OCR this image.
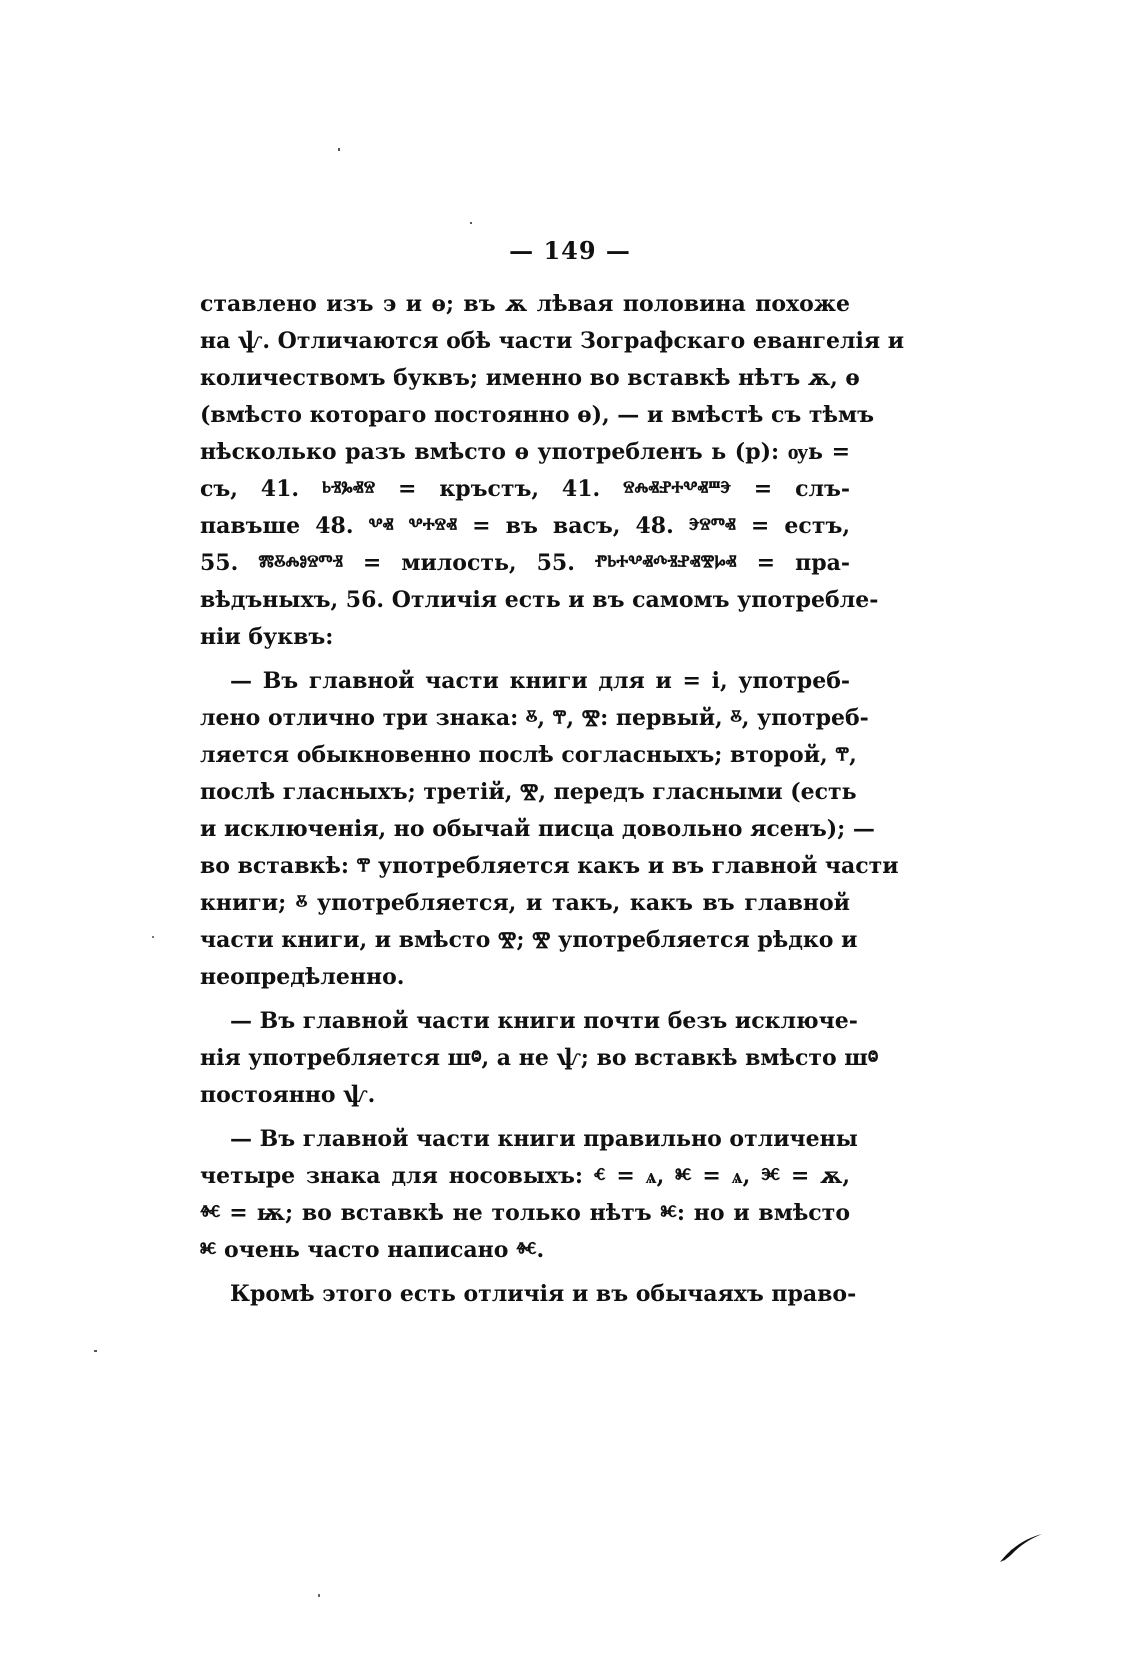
— 149 —
ставлено изъ э и ѳ; въ ѫ лѣвая половина похоже
на ѱ. Отличаются обѣ части Зографскаго евангелія и
количествомъ буквъ; именно во вставкѣ нѣтъ ѫ, ѳ
(вмѣсто котораго постоянно ѳ), — и вмѣстѣ съ тѣмъ
нѣсколько разъ вмѣсто ѳ употребленъ ь (р): ѹь =
съ, 41. ⱃⱐⰳⱏⱄ = кръстъ, 41. ⱄⰾⱏⱀⰰⰲⱏⱎⰵ = слъ-
павъше 48. ⰲⱏ ⰲⰰⱄⱏ = въ васъ, 48. ⰵⱄⱅⱏ = естъ,
55. ⰿⰻⰾⱁⱄⱅⱐ = милость, 55. ⱂⱃⰰⰲⱏⰴⱐⱀⱏⰺⱈⱏ = пра-
вѣдъныхъ, 56. Отличія есть и въ самомъ употребле-
ніи буквъ:
— Въ главной части книги для и = і, употреб-
лено отлично три знака: ⰻ, ⰹ, Ⰺ: первый, ⰻ, употреб-
ляется обыкновенно послѣ согласныхъ; второй, ⰹ,
послѣ гласныхъ; третій, Ⰺ, передъ гласными (есть
и исключенія, но обычай писца довольно ясенъ); —
во вставкѣ: ⰹ употребляется какъ и въ главной части
книги; ⰻ употребляется, и такъ, какъ въ главной
части книги, и вмѣсто Ⰺ; Ⰺ употребляется рѣдко и
неопредѣленно.
— Въ главной части книги почти безъ исключе-
нія употребляется шⱉ, а не ѱ; во вставкѣ вмѣсто шⱉ
постоянно ѱ.
— Въ главной части книги правильно отличены
четыре знака для носовыхъ: ⱔ = ѧ, ⱘ = ѧ, ⱗ = ѫ,
ⱙ = ѭ; во вставкѣ не только нѣтъ ⱘ: но и вмѣсто
ⱘ очень часто написано ⱙ.
Кромѣ этого есть отличія и въ обычаяхъ право-
